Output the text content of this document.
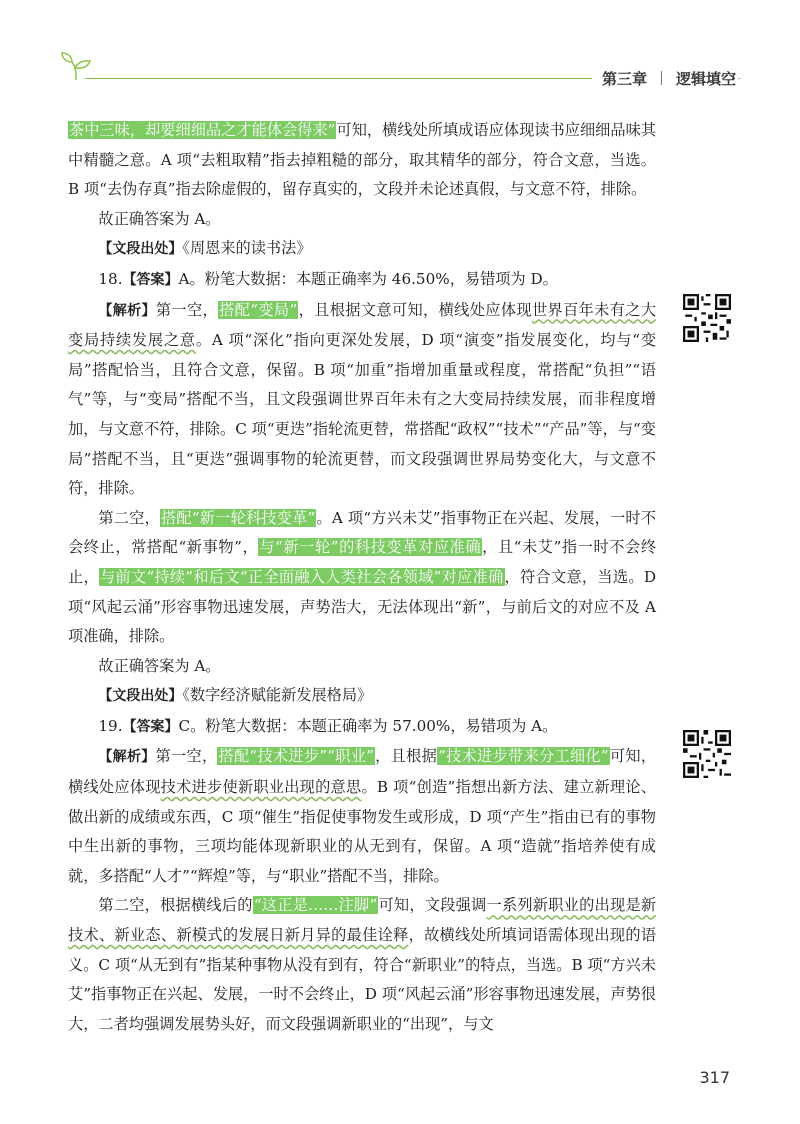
第三章 逻辑填空

茶中三味，却要细细品之才能体会得来”可知，横线处所填成语应体现读书应细细品味其中精髓之意。A 项“去粗取精”指去掉粗糙的部分，取其精华的部分，符合文意，当选。B 项“去伪存真”指去除虚假的，留存真实的，文段并未论述真假，与文意不符，排除。

故正确答案为 A。

【文段出处】《周恩来的读书法》

18.【答案】A。粉笔大数据：本题正确率为 46.50%，易错项为 D。

【解析】第一空，搭配“变局”，且根据文意可知，横线处应体现世界百年未有之大变局持续发展之意。A 项“深化”指向更深处发展，D 项“演变”指发展变化，均与“变局”搭配恰当，且符合文意，保留。B 项“加重”指增加重量或程度，常搭配“负担”“语气”等，与“变局”搭配不当，且文段强调世界百年未有之大变局持续发展，而非程度增加，与文意不符，排除。C 项“更迭”指轮流更替，常搭配“政权”“技术”“产品”等，与“变局”搭配不当，且“更迭”强调事物的轮流更替，而文段强调世界局势变化大，与文意不符，排除。

第二空，搭配“新一轮科技变革”。A 项“方兴未艾”指事物正在兴起、发展，一时不会终止，常搭配“新事物”，与“新一轮”的科技变革对应准确，且“未艾”指一时不会终止，与前文“持续”和后文“正全面融入人类社会各领域”对应准确，符合文意，当选。D 项“风起云涌”形容事物迅速发展，声势浩大，无法体现出“新”，与前后文的对应不及 A 项准确，排除。

故正确答案为 A。

【文段出处】《数字经济赋能新发展格局》

19.【答案】C。粉笔大数据：本题正确率为 57.00%，易错项为 A。

【解析】第一空，搭配“技术进步”“职业”，且根据“技术进步带来分工细化”可知，横线处应体现技术进步使新职业出现的意思。B 项“创造”指想出新方法、建立新理论、做出新的成绩或东西，C 项“催生”指促使事物发生或形成，D 项“产生”指由已有的事物中生出新的事物，三项均能体现新职业的从无到有，保留。A 项“造就”指培养使有成就，多搭配“人才”“辉煌”等，与“职业”搭配不当，排除。

第二空，根据横线后的“这正是……注脚”可知，文段强调一系列新职业的出现是新技术、新业态、新模式的发展日新月异的最佳诠释，故横线处所填词语需体现出现的语义。C 项“从无到有”指某种事物从没有到有，符合“新职业”的特点，当选。B 项“方兴未艾”指事物正在兴起、发展，一时不会终止，D 项“风起云涌”形容事物迅速发展，声势很大，二者均强调发展势头好，而文段强调新职业的“出现”，与文

317
